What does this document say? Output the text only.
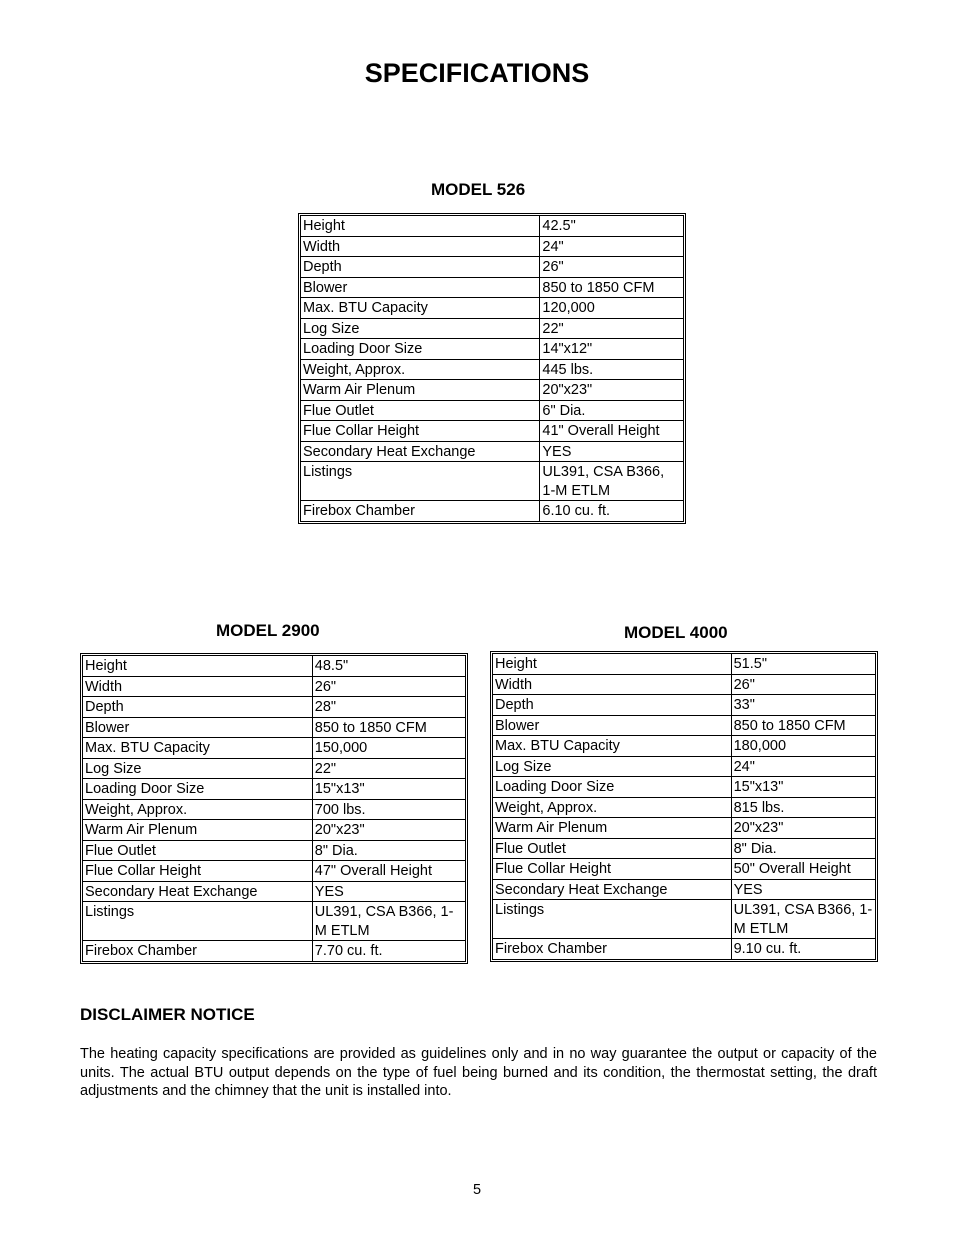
SPECIFICATIONS
MODEL 526
Height	42.5"
Width	24"
Depth	26"
Blower	850 to 1850 CFM
Max. BTU Capacity	120,000
Log Size	22"
Loading Door Size	14"x12"
Weight, Approx.	445 lbs.
Warm Air Plenum	20"x23"
Flue Outlet	6" Dia.
Flue Collar Height	41" Overall Height
Secondary Heat Exchange	YES
Listings	UL391, CSA B366, 1-M ETLM
Firebox Chamber	6.10 cu. ft.
MODEL 2900
Height	48.5"
Width	26"
Depth	28"
Blower	850 to 1850 CFM
Max. BTU Capacity	150,000
Log Size	22"
Loading Door Size	15"x13"
Weight, Approx.	700 lbs.
Warm Air Plenum	20"x23"
Flue Outlet	8" Dia.
Flue Collar Height	47" Overall Height
Secondary Heat Exchange	YES
Listings	UL391, CSA B366, 1-M ETLM
Firebox Chamber	7.70 cu. ft.
MODEL 4000
Height	51.5"
Width	26"
Depth	33"
Blower	850 to 1850 CFM
Max. BTU Capacity	180,000
Log Size	24"
Loading Door Size	15"x13"
Weight, Approx.	815 lbs.
Warm Air Plenum	20"x23"
Flue Outlet	8" Dia.
Flue Collar Height	50" Overall Height
Secondary Heat Exchange	YES
Listings	UL391, CSA B366, 1-M ETLM
Firebox Chamber	9.10 cu. ft.
DISCLAIMER NOTICE

The heating capacity specifications are provided as guidelines only and in no way guarantee the output or capacity of the units. The actual BTU output depends on the type of fuel being burned and its condition, the thermostat setting, the draft adjustments and the chimney that the unit is installed into.

5
